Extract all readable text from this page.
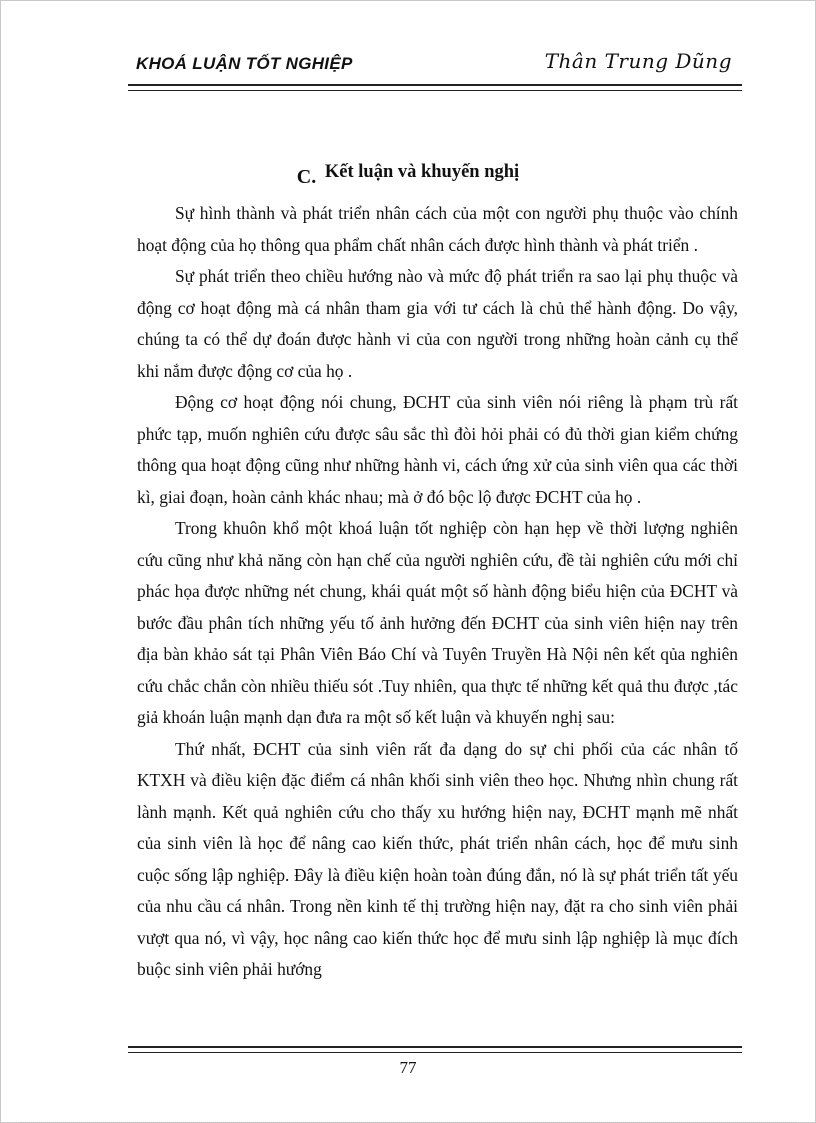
KHOÁ LUẬN TỐT NGHIỆP	Thân Trung Dũng
C. Kết luận và khuyến nghị

Sự hình thành và phát triển nhân cách của một con người phụ thuộc vào chính hoạt động của họ thông qua phẩm chất nhân cách được hình thành và phát triển .

Sự phát triển theo chiều hướng nào và mức độ phát triển ra sao lại phụ thuộc và động cơ hoạt động mà cá nhân tham gia với tư cách là chủ thể hành động. Do vậy, chúng ta có thể dự đoán được hành vi của con người trong những hoàn cảnh cụ thể khi nắm được động cơ của họ .

Động cơ hoạt động nói chung, ĐCHT của sinh viên nói riêng là phạm trù rất phức tạp, muốn nghiên cứu được sâu sắc thì đòi hỏi phải có đủ thời gian kiểm chứng thông qua hoạt động cũng như những hành vi, cách ứng xử của sinh viên qua các thời kì, giai đoạn, hoàn cảnh khác nhau; mà ở đó bộc lộ được ĐCHT của họ .

Trong khuôn khổ một khoá luận tốt nghiệp còn hạn hẹp về thời lượng nghiên cứu cũng như khả năng còn hạn chế của người nghiên cứu, đề tài nghiên cứu mới chỉ phác họa được những nét chung, khái quát một số hành động biểu hiện của ĐCHT và bước đầu phân tích những yếu tố ảnh hưởng đến ĐCHT của sinh viên hiện nay trên địa bàn khảo sát tại Phân Viên Báo Chí và Tuyên Truyền Hà Nội nên kết qủa nghiên cứu chắc chắn còn nhiều thiếu sót .Tuy nhiên, qua thực tế những kết quả thu được ,tác giả khoán luận mạnh dạn đưa ra một số kết luận và khuyến nghị sau:

Thứ nhất, ĐCHT của sinh viên rất đa dạng do sự chi phối của các nhân tố KTXH và điều kiện đặc điểm cá nhân khối sinh viên theo học. Nhưng nhìn chung rất lành mạnh. Kết quả nghiên cứu cho thấy xu hướng hiện nay, ĐCHT mạnh mẽ nhất của sinh viên là học để nâng cao kiến thức, phát triển nhân cách, học để mưu sinh cuộc sống lập nghiệp. Đây là điều kiện hoàn toàn đúng đắn, nó là sự phát triển tất yếu của nhu cầu cá nhân. Trong nền kinh tế thị trường hiện nay, đặt ra cho sinh viên phải vượt qua nó, vì vậy, học nâng cao kiến thức học để mưu sinh lập nghiệp là mục đích buộc sinh viên phải hướng

77
